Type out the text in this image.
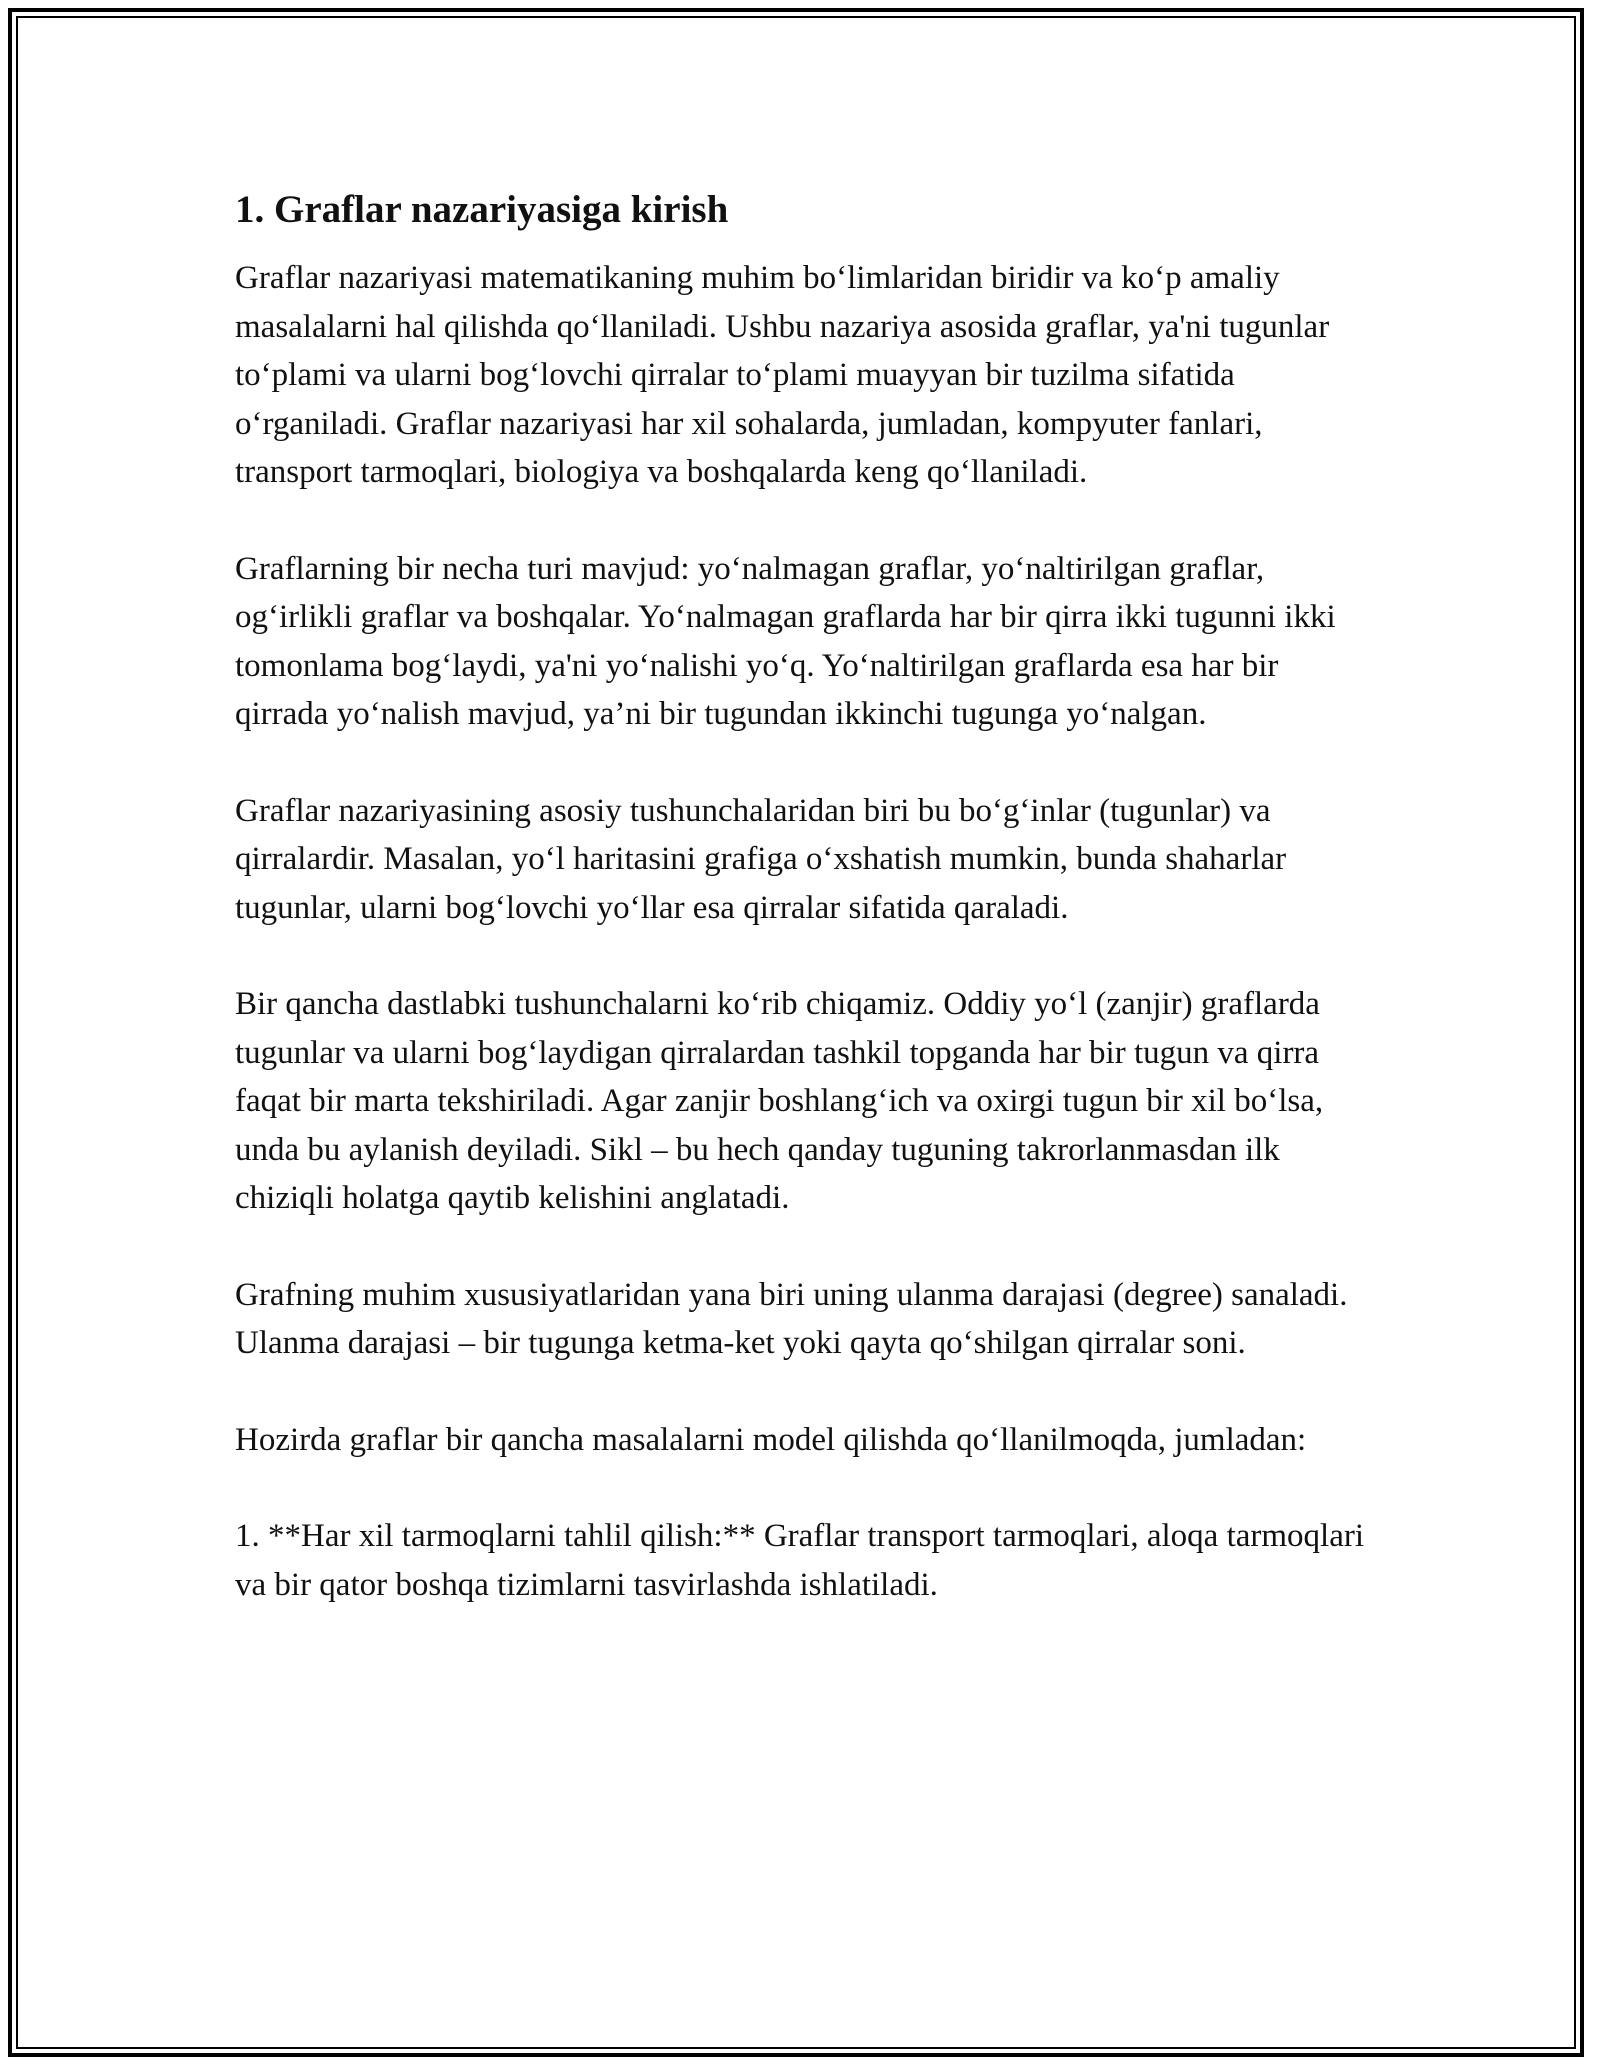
1. Graflar nazariyasiga kirish

Graflar nazariyasi matematikaning muhim bo‘limlaridan biridir va ko‘p amaliy masalalarni hal qilishda qo‘llaniladi. Ushbu nazariya asosida graflar, ya'ni tugunlar to‘plami va ularni bog‘lovchi qirralar to‘plami muayyan bir tuzilma sifatida o‘rganiladi. Graflar nazariyasi har xil sohalarda, jumladan, kompyuter fanlari, transport tarmoqlari, biologiya va boshqalarda keng qo‘llaniladi.

Graflarning bir necha turi mavjud: yo‘nalmagan graflar, yo‘naltirilgan graflar, og‘irlikli graflar va boshqalar. Yo‘nalmagan graflarda har bir qirra ikki tugunni ikki tomonlama bog‘laydi, ya'ni yo‘nalishi yo‘q. Yo‘naltirilgan graflarda esa har bir qirrada yo‘nalish mavjud, ya’ni bir tugundan ikkinchi tugunga yo‘nalgan.

Graflar nazariyasining asosiy tushunchalaridan biri bu bo‘g‘inlar (tugunlar) va qirralardir. Masalan, yo‘l haritasini grafiga o‘xshatish mumkin, bunda shaharlar tugunlar, ularni bog‘lovchi yo‘llar esa qirralar sifatida qaraladi.

Bir qancha dastlabki tushunchalarni ko‘rib chiqamiz. Oddiy yo‘l (zanjir) graflarda tugunlar va ularni bog‘laydigan qirralardan tashkil topganda har bir tugun va qirra faqat bir marta tekshiriladi. Agar zanjir boshlang‘ich va oxirgi tugun bir xil bo‘lsa, unda bu aylanish deyiladi. Sikl – bu hech qanday tuguning takrorlanmasdan ilk chiziqli holatga qaytib kelishini anglatadi.

Grafning muhim xususiyatlaridan yana biri uning ulanma darajasi (degree) sanaladi. Ulanma darajasi – bir tugunga ketma-ket yoki qayta qo‘shilgan qirralar soni.

Hozirda graflar bir qancha masalalarni model qilishda qo‘llanilmoqda, jumladan:

1. **Har xil tarmoqlarni tahlil qilish:** Graflar transport tarmoqlari, aloqa tarmoqlari va bir qator boshqa tizimlarni tasvirlashda ishlatiladi.
